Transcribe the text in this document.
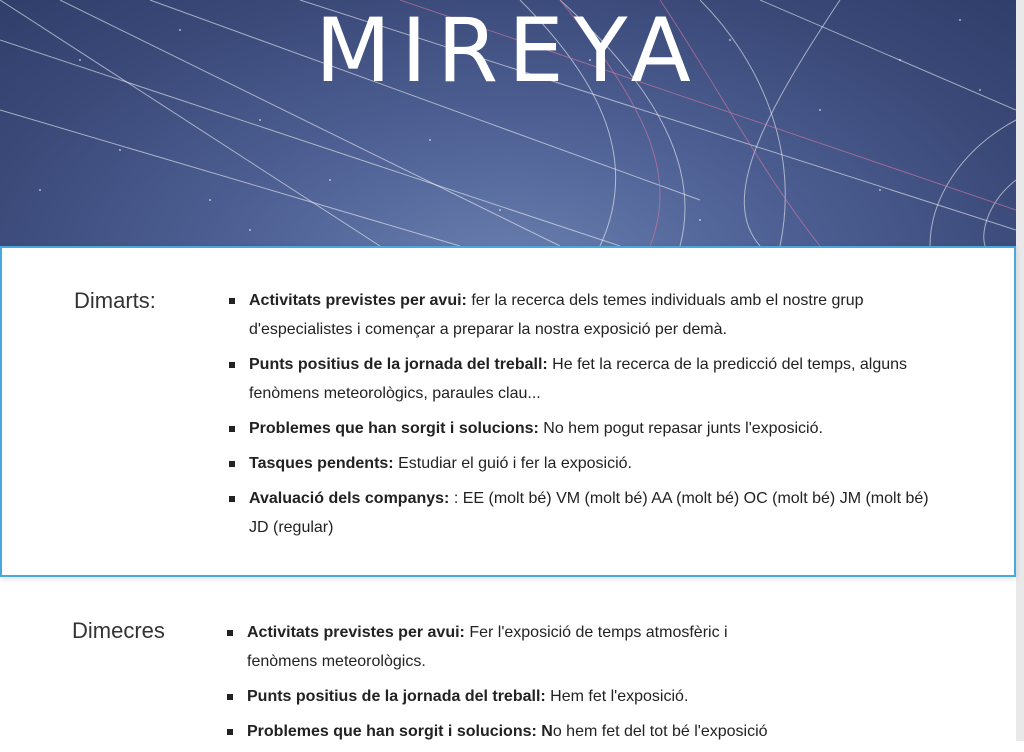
MIREYA
Dimarts:	Activitats previstes per avui: fer la recerca dels temes individuals amb el nostre grup d'especialistes i començar a preparar la nostra exposició per demà.
Punts positius de la jornada del treball: He fet la recerca de la predicció del temps, alguns fenòmens meteorològics, paraules clau...
Problemes que han sorgit i solucions: No hem pogut repasar junts l'exposició.
Tasques pendents: Estudiar el guió i fer la exposició.
Avaluació dels companys: : EE (molt bé) VM (molt bé) AA (molt bé) OC (molt bé) JM (molt bé) JD (regular)
Dimecres	Activitats previstes per avui: Fer l'exposició de temps atmosfèric i fenòmens meteorològics.
Punts positius de la jornada del treball: Hem fet l'exposició.
Problemes que han sorgit i solucions: No hem fet del tot bé l'exposició
